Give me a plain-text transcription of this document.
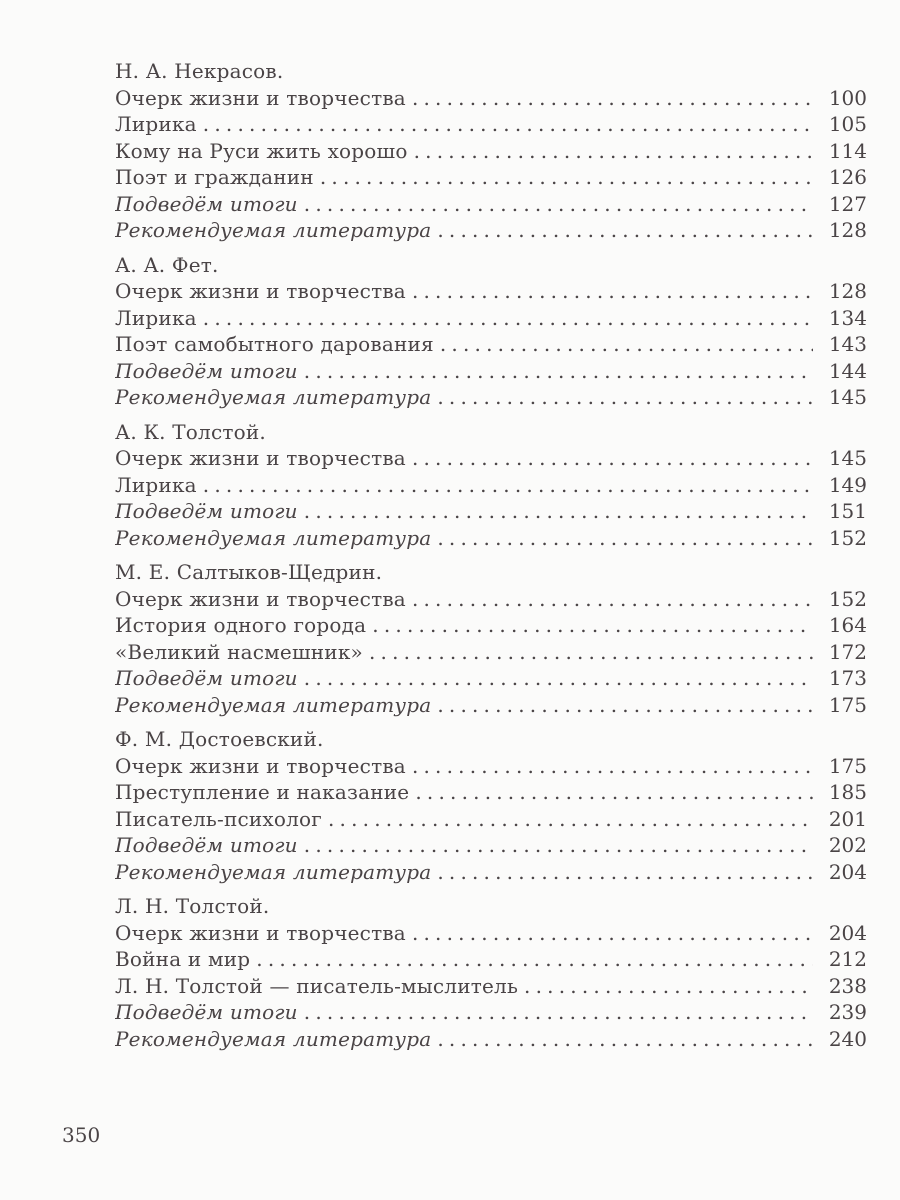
Н. А. Некрасов.
Очерк жизни и творчества .....	100
Лирика .....	105
Кому на Руси жить хорошо .....	114
Поэт и гражданин .....	126
Подведём итоги .....	127
Рекомендуемая литература .....	128
А. А. Фет.
Очерк жизни и творчества .....	128
Лирика .....	134
Поэт самобытного дарования .....	143
Подведём итоги .....	144
Рекомендуемая литература .....	145
А. К. Толстой.
Очерк жизни и творчества .....	145
Лирика .....	149
Подведём итоги .....	151
Рекомендуемая литература .....	152
М. Е. Салтыков-Щедрин.
Очерк жизни и творчества .....	152
История одного города .....	164
«Великий насмешник» .....	172
Подведём итоги .....	173
Рекомендуемая литература .....	175
Ф. М. Достоевский.
Очерк жизни и творчества .....	175
Преступление и наказание .....	185
Писатель-психолог .....	201
Подведём итоги .....	202
Рекомендуемая литература .....	204
Л. Н. Толстой.
Очерк жизни и творчества .....	204
Война и мир .....	212
Л. Н. Толстой — писатель-мыслитель .....	238
Подведём итоги .....	239
Рекомендуемая литература .....	240
350
